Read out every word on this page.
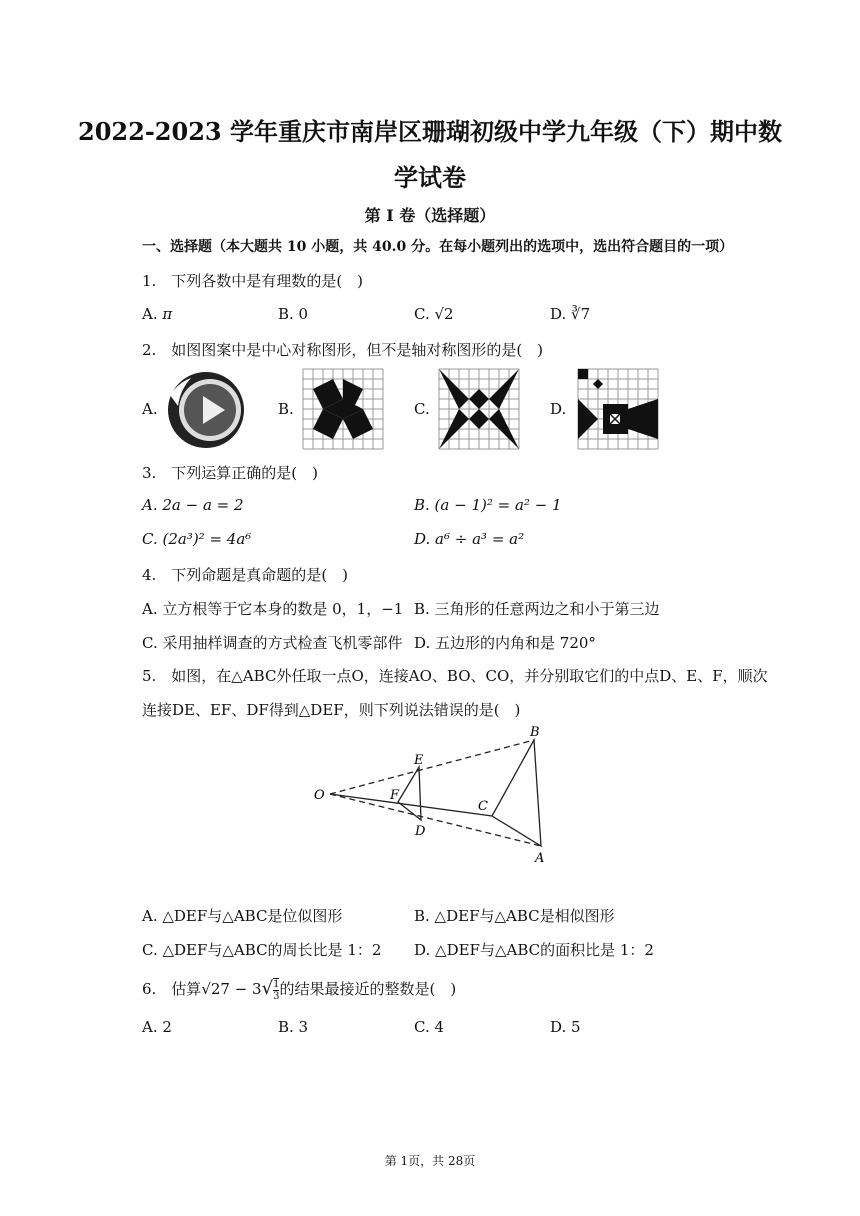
2022-2023 学年重庆市南岸区珊瑚初级中学九年级（下）期中数
学试卷
第 I 卷（选择题）
一、选择题（本大题共 10 小题，共 40.0 分。在每小题列出的选项中，选出符合题目的一项）
1.　下列各数中是有理数的是(　)
A. π	B. 0	C. √2	D. ∛7
2.　如图图案中是中心对称图形，但不是轴对称图形的是(　)
A.	B.	C.	D.
3.　下列运算正确的是(　)
A. 2a − a = 2	B. (a − 1)² = a² − 1
C. (2a³)² = 4a⁶	D. a⁶ ÷ a³ = a²
4.　下列命题是真命题的是(　)
A. 立方根等于它本身的数是 0，1，−1 B. 三角形的任意两边之和小于第三边
C. 采用抽样调查的方式检查飞机零部件 D. 五边形的内角和是 720°
5.　如图，在△ABC外任取一点O，连接AO、BO、CO，并分别取它们的中点D、E、F，顺次
连接DE、EF、DF得到△DEF，则下列说法错误的是(　)
O
E
F
D
C
B
A
A. △DEF与△ABC是位似图形	B. △DEF与△ABC是相似图形
C. △DEF与△ABC的周长比是 1：2 D. △DEF与△ABC的面积比是 1：2
6.　估算$√27 - 3√ \frac{1}{3}$ 的结果最接近的整数是(　)
A. 2	B. 3	C. 4	D. 5
第 1页，共 28页
